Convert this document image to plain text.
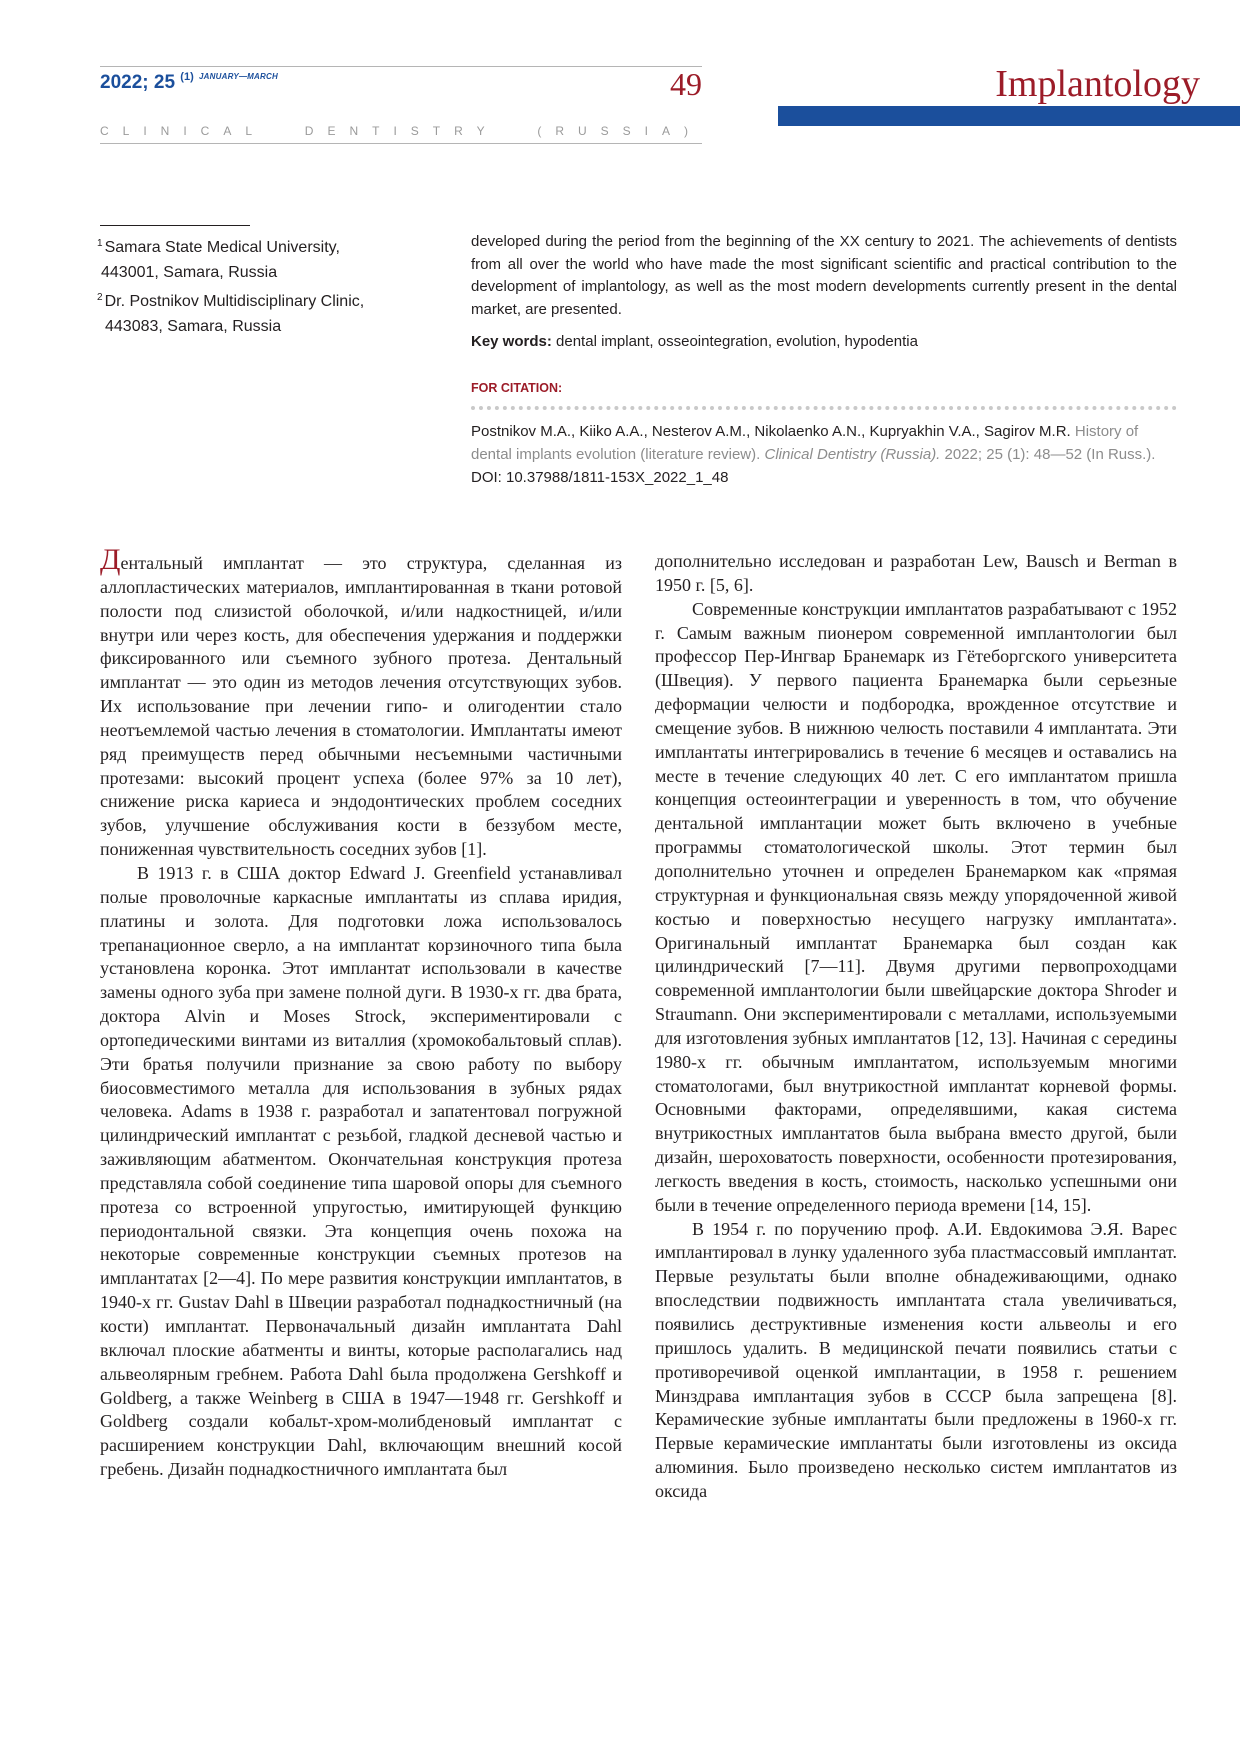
2022; 25 $^{(1)}$ $^{JANUARY—MARCH}$	49
CLINICAL	DENTISTRY	(RUSSIA)
Implantology

$^1$ Samara State Medical University,
443001, Samara, Russia

$^2$ Dr. Postnikov Multidisciplinary Clinic,
443083, Samara, Russia

developed during the period from the beginning of the XX century to 2021. The achievements of dentists from all over the world who have made the most significant scientific and practical contribution to the development of implantology, as well as the most modern developments currently present in the dental market, are presented.

Key words: dental implant, osseointegration, evolution, hypodentia

FOR CITATION:

Postnikov M.A., Kiiko A.A., Nesterov A.M., Nikolaenko A.N., Kupryakhin V.A., Sagirov M.R. History of dental implants evolution (literature review). Clinical Dentistry (Russia). 2022; 25 (1): 48—52 (In Russ.). DOI: 10.37988/1811-153X_2022_1_48

Дентальный имплантат — это структура, сделанная из аллопластических материалов, имплантированная в ткани ротовой полости под слизистой оболочкой, и/или надкостницей, и/или внутри или через кость, для обеспечения удержания и поддержки фиксированного или съемного зубного протеза. Дентальный имплантат — это один из методов лечения отсутствующих зубов. Их использование при лечении гипо- и олигодентии стало неотъемлемой частью лечения в стоматологии. Имплантаты имеют ряд преимуществ перед обычными несъемными частичными протезами: высокий процент успеха (более 97% за 10 лет), снижение риска кариеса и эндодонтических проблем соседних зубов, улучшение обслуживания кости в беззубом месте, пониженная чувствительность соседних зубов [1].

В 1913 г. в США доктор Edward J. Greenfield устанавливал полые проволочные каркасные имплантаты из сплава иридия, платины и золота. Для подготовки ложа использовалось трепанационное сверло, а на имплантат корзиночного типа была установлена коронка. Этот имплантат использовали в качестве замены одного зуба при замене полной дуги. В 1930-х гг. два брата, доктора Alvin и Moses Strock, экспериментировали с ортопедическими винтами из виталлия (хромокобальтовый сплав). Эти братья получили признание за свою работу по выбору биосовместимого металла для использования в зубных рядах человека. Adams в 1938 г. разработал и запатентовал погружной цилиндрический имплантат с резьбой, гладкой десневой частью и заживляющим абатментом. Окончательная конструкция протеза представляла собой соединение типа шаровой опоры для съемного протеза со встроенной упругостью, имитирующей функцию периодонтальной связки. Эта концепция очень похожа на некоторые современные конструкции съемных протезов на имплантатах [2—4]. По мере развития конструкции имплантатов, в 1940-х гг. Gustav Dahl в Швеции разработал поднадкостничный (на кости) имплантат. Первоначальный дизайн имплантата Dahl включал плоские абатменты и винты, которые располагались над альвеолярным гребнем. Работа Dahl была продолжена Gershkoff и Goldberg, а также Weinberg в США в 1947—1948 гг. Gershkoff и Goldberg создали кобальт-хром-молибденовый имплантат с расширением конструкции Dahl, включающим внешний косой гребень. Дизайн поднадкостничного имплантата был

дополнительно исследован и разработан Lew, Bausch и Berman в 1950 г. [5, 6].

Современные конструкции имплантатов разрабатывают с 1952 г. Самым важным пионером современной имплантологии был профессор Пер-Ингвар Бранемарк из Гётеборгского университета (Швеция). У первого пациента Бранемарка были серьезные деформации челюсти и подбородка, врожденное отсутствие и смещение зубов. В нижнюю челюсть поставили 4 имплантата. Эти имплантаты интегрировались в течение 6 месяцев и оставались на месте в течение следующих 40 лет. С его имплантатом пришла концепция остеоинтеграции и уверенность в том, что обучение дентальной имплантации может быть включено в учебные программы стоматологической школы. Этот термин был дополнительно уточнен и определен Бранемарком как «прямая структурная и функциональная связь между упорядоченной живой костью и поверхностью несущего нагрузку имплантата». Оригинальный имплантат Бранемарка был создан как цилиндрический [7—11]. Двумя другими первопроходцами современной имплантологии были швейцарские доктора Shroder и Straumann. Они экспериментировали с металлами, используемыми для изготовления зубных имплантатов [12, 13]. Начиная с середины 1980-х гг. обычным имплантатом, используемым многими стоматологами, был внутрикостной имплантат корневой формы. Основными факторами, определявшими, какая система внутрикостных имплантатов была выбрана вместо другой, были дизайн, шероховатость поверхности, особенности протезирования, легкость введения в кость, стоимость, насколько успешными они были в течение определенного периода времени [14, 15].

В 1954 г. по поручению проф. А.И. Евдокимова Э.Я. Варес имплантировал в лунку удаленного зуба пластмассовый имплантат. Первые результаты были вполне обнадеживающими, однако впоследствии подвижность имплантата стала увеличиваться, появились деструктивные изменения кости альвеолы и его пришлось удалить. В медицинской печати появились статьи с противоречивой оценкой имплантации, в 1958 г. решением Минздрава имплантация зубов в СССР была запрещена [8]. Керамические зубные имплантаты были предложены в 1960-х гг. Первые керамические имплантаты были изготовлены из оксида алюминия. Было произведено несколько систем имплантатов из оксида
